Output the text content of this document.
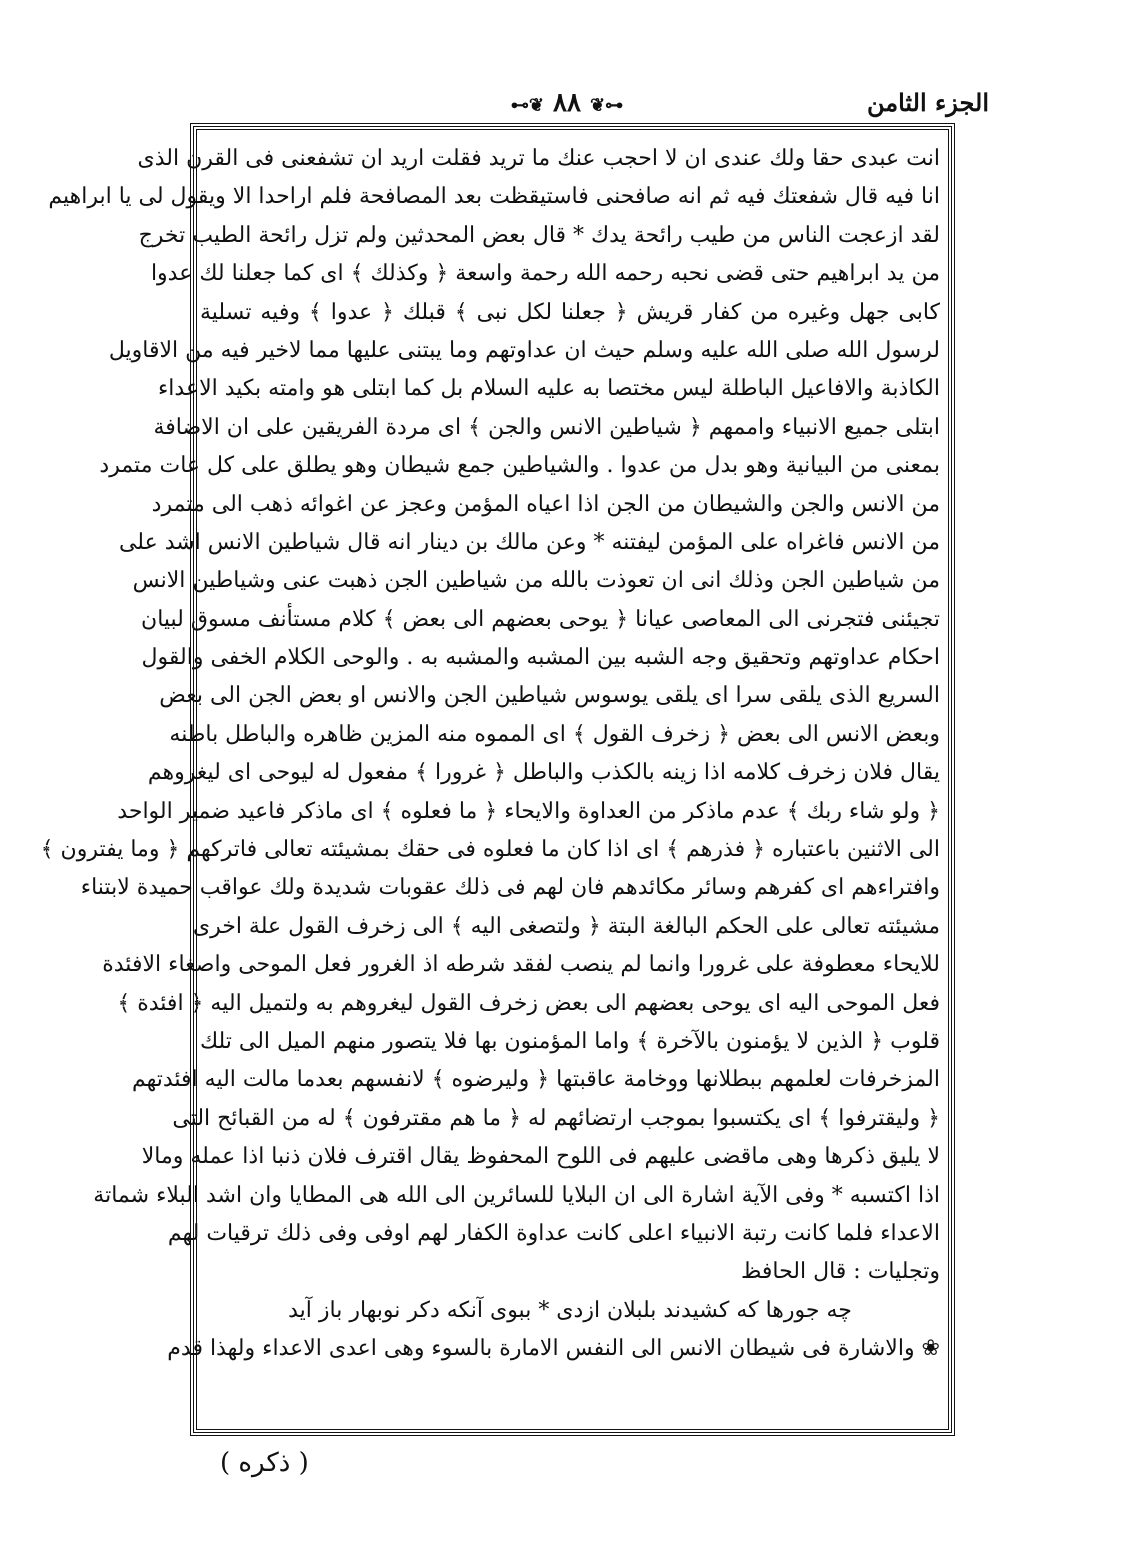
الجزء الثامن
⊷❦ ٨٨ ❦⊶
انت عبدى حقا ولك عندى ان لا احجب عنك ما تريد فقلت اريد ان تشفعنى فى القرن الذى
انا فيه قال شفعتك فيه ثم انه صافحنى فاستيقظت بعد المصافحة فلم اراحدا الا ويقول لى يا ابراهيم
لقد ازعجت الناس من طيب رائحة يدك * قال بعض المحدثين ولم تزل رائحة الطيب تخرج
من يد ابراهيم حتى قضى نحبه رحمه الله رحمة واسعة ﴿ وكذلك ﴾ اى كما جعلنا لك عدوا
كابى جهل وغيره من كفار قريش ﴿ جعلنا لكل نبى ﴾ قبلك ﴿ عدوا ﴾ وفيه تسلية
لرسول الله صلى الله عليه وسلم حيث ان عداوتهم وما يبتنى عليها مما لاخير فيه من الاقاويل
الكاذبة والافاعيل الباطلة ليس مختصا به عليه السلام بل كما ابتلى هو وامته بكيد الاعداء
ابتلى جميع الانبياء واممهم ﴿ شياطين الانس والجن ﴾ اى مردة الفريقين على ان الاضافة
بمعنى من البيانية وهو بدل من عدوا . والشياطين جمع شيطان وهو يطلق على كل عات متمرد
من الانس والجن والشيطان من الجن اذا اعياه المؤمن وعجز عن اغوائه ذهب الى متمرد
من الانس فاغراه على المؤمن ليفتنه * وعن مالك بن دينار انه قال شياطين الانس اشد على
من شياطين الجن وذلك انى ان تعوذت بالله من شياطين الجن ذهبت عنى وشياطين الانس
تجيئنى فتجرنى الى المعاصى عيانا ﴿ يوحى بعضهم الى بعض ﴾ كلام مستأنف مسوق لبيان
احكام عداوتهم وتحقيق وجه الشبه بين المشبه والمشبه به . والوحى الكلام الخفى والقول
السريع الذى يلقى سرا اى يلقى يوسوس شياطين الجن والانس او بعض الجن الى بعض
وبعض الانس الى بعض ﴿ زخرف القول ﴾ اى المموه منه المزين ظاهره والباطل باطنه
يقال فلان زخرف كلامه اذا زينه بالكذب والباطل ﴿ غرورا ﴾ مفعول له ليوحى اى ليغروهم
﴿ ولو شاء ربك ﴾ عدم ماذكر من العداوة والايحاء ﴿ ما فعلوه ﴾ اى ماذكر فاعيد ضمير الواحد
الى الاثنين باعتباره ﴿ فذرهم ﴾ اى اذا كان ما فعلوه فى حقك بمشيئته تعالى فاتركهم ﴿ وما يفترون ﴾
وافتراءهم اى كفرهم وسائر مكائدهم فان لهم فى ذلك عقوبات شديدة ولك عواقب حميدة لابتناء
مشيئته تعالى على الحكم البالغة البتة ﴿ ولتصغى اليه ﴾ الى زخرف القول علة اخرى
للايحاء معطوفة على غرورا وانما لم ينصب لفقد شرطه اذ الغرور فعل الموحى واصغاء الافئدة
فعل الموحى اليه اى يوحى بعضهم الى بعض زخرف القول ليغروهم به ولتميل اليه ﴿ افئدة ﴾
قلوب ﴿ الذين لا يؤمنون بالآخرة ﴾ واما المؤمنون بها فلا يتصور منهم الميل الى تلك
المزخرفات لعلمهم ببطلانها ووخامة عاقبتها ﴿ وليرضوه ﴾ لانفسهم بعدما مالت اليه افئدتهم
﴿ وليقترفوا ﴾ اى يكتسبوا بموجب ارتضائهم له ﴿ ما هم مقترفون ﴾ له من القبائح التى
لا يليق ذكرها وهى ماقضى عليهم فى اللوح المحفوظ يقال اقترف فلان ذنبا اذا عمله ومالا
اذا اكتسبه * وفى الآية اشارة الى ان البلايا للسائرين الى الله هى المطايا وان اشد البلاء شماتة
الاعداء فلما كانت رتبة الانبياء اعلى كانت عداوة الكفار لهم اوفى وفى ذلك ترقيات لهم
وتجليات : قال الحافظ
چه جورها كه كشيدند بلبلان ازدى * ببوى آنكه دكر نوبهار باز آيد
❀ والاشارة فى شيطان الانس الى النفس الامارة بالسوء وهى اعدى الاعداء ولهذا قدم
( ذكره )
